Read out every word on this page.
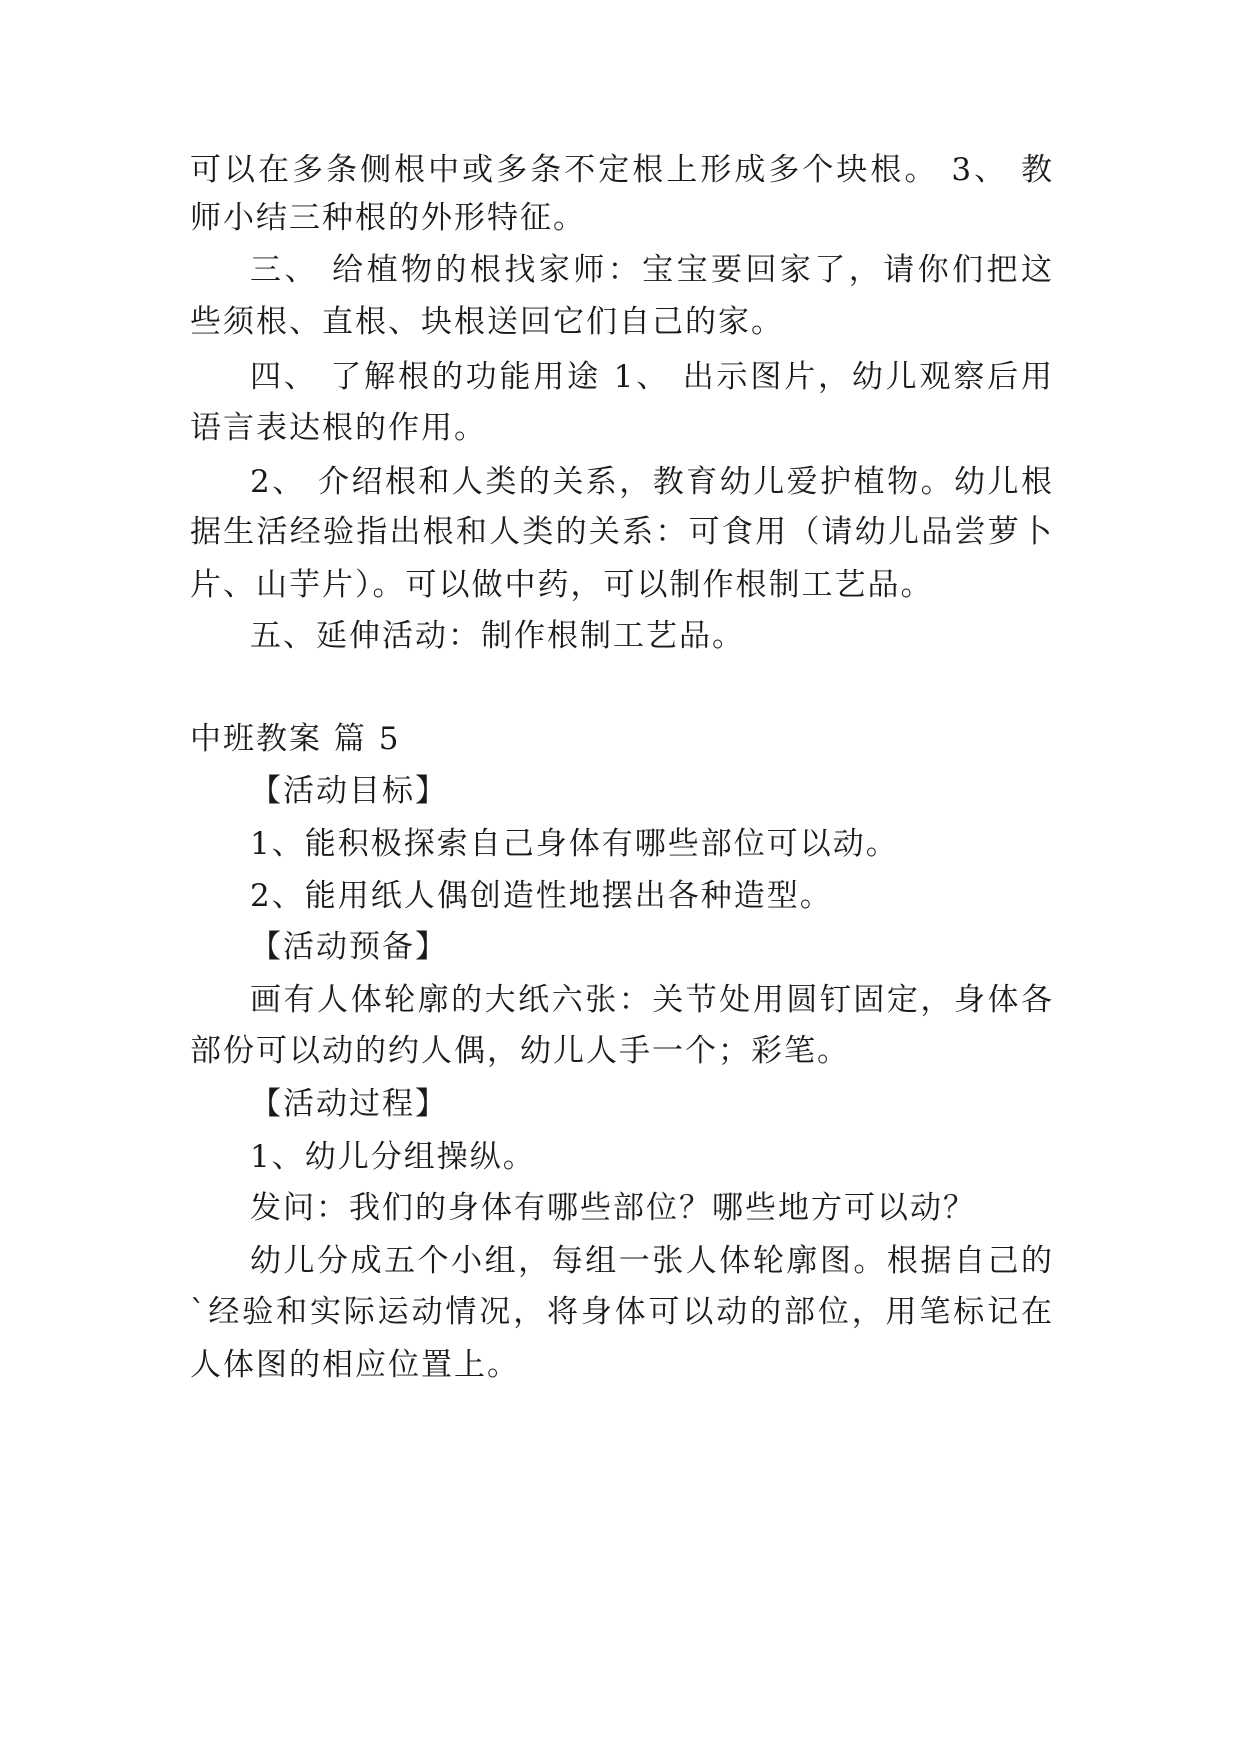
可以在多条侧根中或多条不定根上形成多个块根。 3、 教
师小结三种根的外形特征。
三、 给植物的根找家师：宝宝要回家了，请你们把这
些须根、直根、块根送回它们自己的家。
四、 了解根的功能用途 1、 出示图片，幼儿观察后用
语言表达根的作用。
2、 介绍根和人类的关系，教育幼儿爱护植物。幼儿根
据生活经验指出根和人类的关系：可食用（请幼儿品尝萝卜
片、山芋片）。可以做中药，可以制作根制工艺品。
五、延伸活动：制作根制工艺品。
中班教案 篇 5
【活动目标】
1、能积极探索自己身体有哪些部位可以动。
2、能用纸人偶创造性地摆出各种造型。
【活动预备】
画有人体轮廓的大纸六张：关节处用圆钉固定，身体各
部份可以动的约人偶，幼儿人手一个；彩笔。
【活动过程】
1、幼儿分组操纵。
发问：我们的身体有哪些部位？哪些地方可以动？
幼儿分成五个小组，每组一张人体轮廓图。根据自己的
`经验和实际运动情况，将身体可以动的部位，用笔标记在
人体图的相应位置上。
